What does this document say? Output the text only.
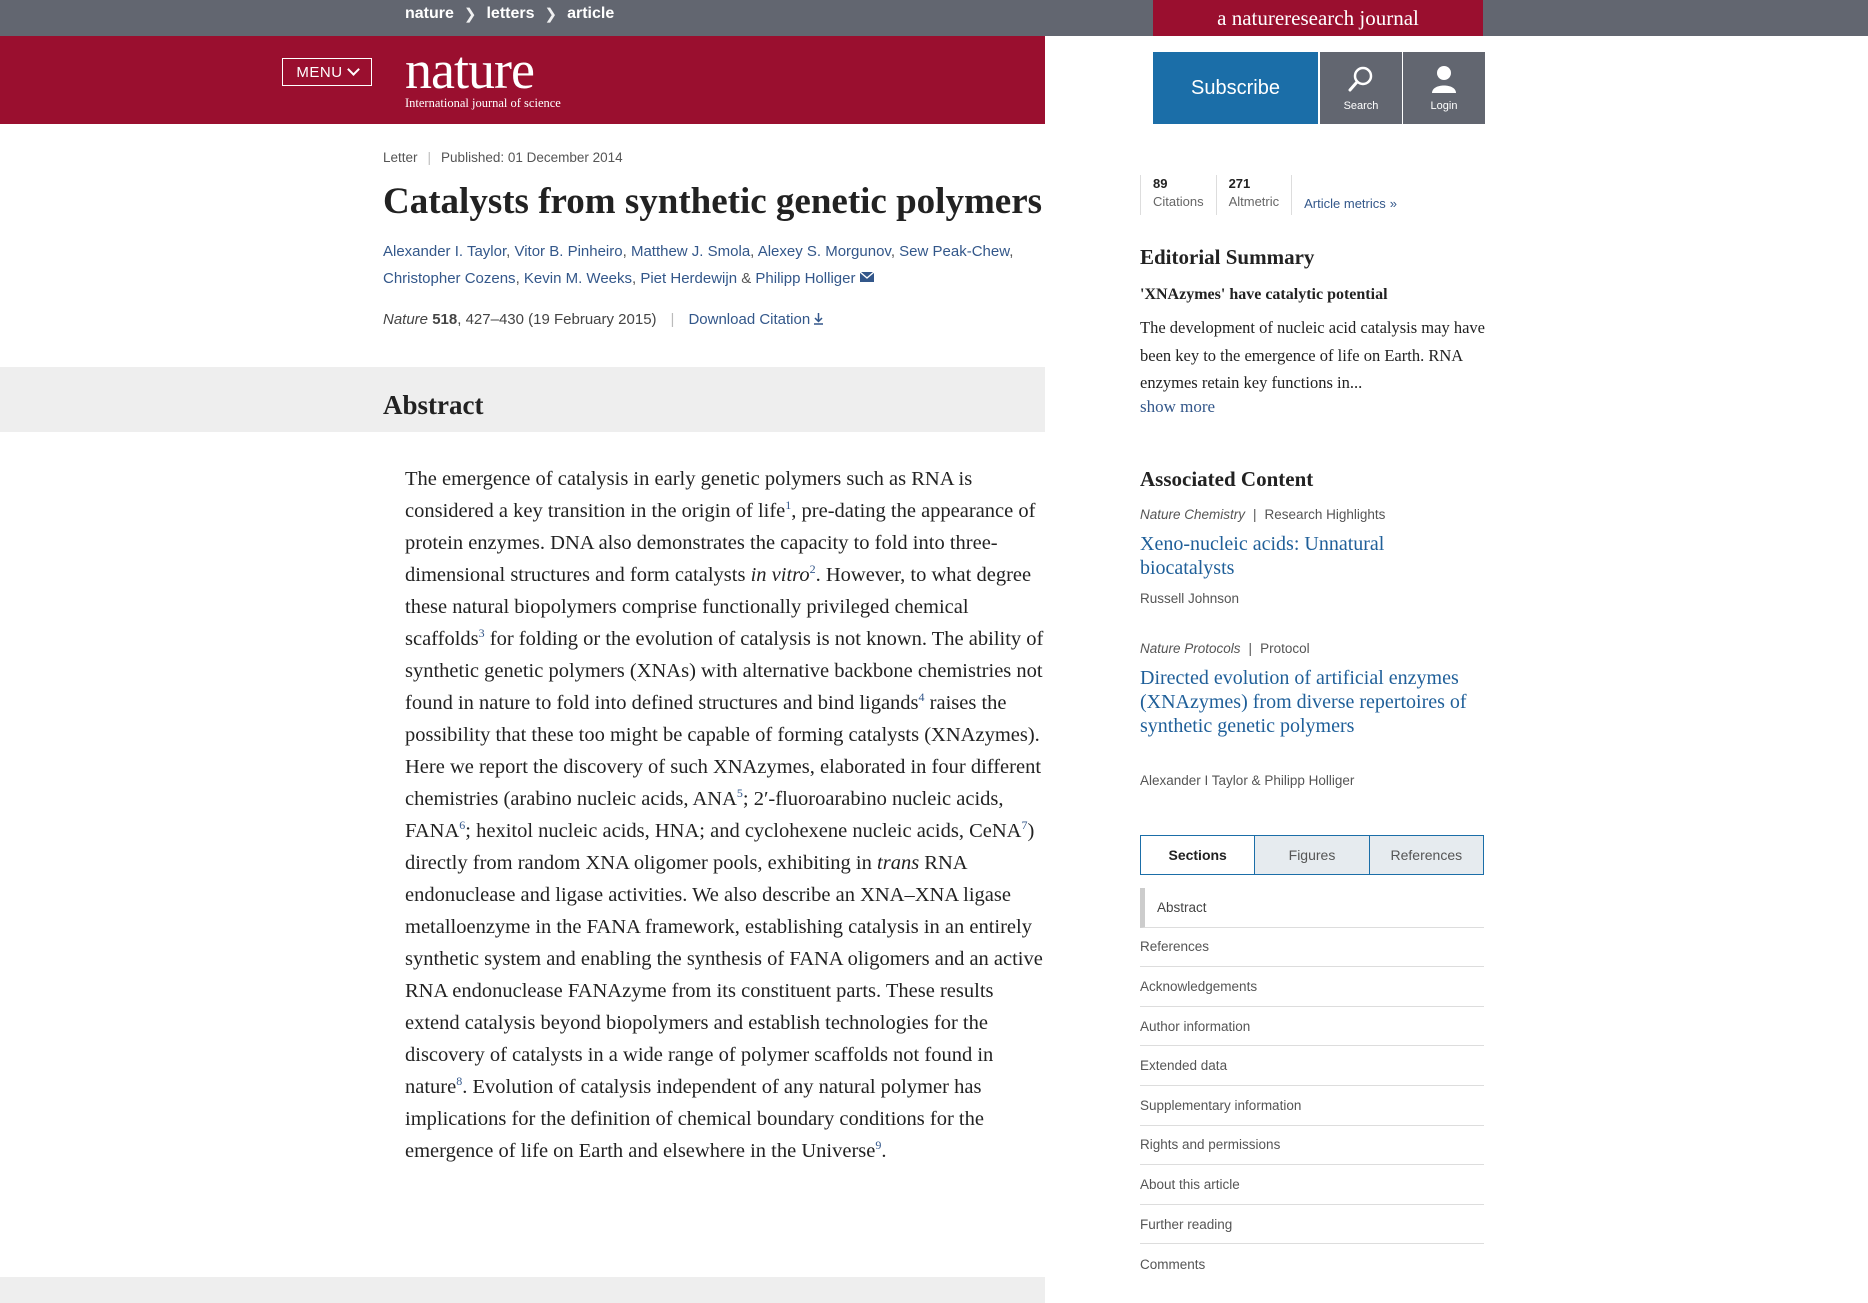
nature ❯ letters ❯ article	a natureresearch journal
MENU nature
International journal of science
Subscribe
Search	Login
Letter | Published: 01 December 2014
Catalysts from synthetic genetic polymers
Alexander I. Taylor, Vitor B. Pinheiro, Matthew J. Smola, Alexey S. Morgunov, Sew Peak-Chew,
Christopher Cozens, Kevin M. Weeks, Piet Herdewijn & Philipp Holliger
Nature 518, 427–430 (19 February 2015) | Download Citation
Abstract

The emergence of catalysis in early genetic polymers such as RNA is considered a key transition in the origin of life$^1$, pre-dating the appearance of protein enzymes. DNA also demonstrates the capacity to fold into three-dimensional structures and form catalysts in vitro$^2$. However, to what degree these natural biopolymers comprise functionally privileged chemical scaffolds$^3$ for folding or the evolution of catalysis is not known. The ability of synthetic genetic polymers (XNAs) with alternative backbone chemistries not found in nature to fold into defined structures and bind ligands$^4$ raises the possibility that these too might be capable of forming catalysts (XNAzymes). Here we report the discovery of such XNAzymes, elaborated in four different chemistries (arabino nucleic acids, ANA$^5$; 2′-fluoroarabino nucleic acids, FANA$^6$; hexitol nucleic acids, HNA; and cyclohexene nucleic acids, CeNA$^7$) directly from random XNA oligomer pools, exhibiting in trans RNA endonuclease and ligase activities. We also describe an XNA–XNA ligase metalloenzyme in the FANA framework, establishing catalysis in an entirely synthetic system and enabling the synthesis of FANA oligomers and an active RNA endonuclease FANAzyme from its constituent parts. These results extend catalysis beyond biopolymers and establish technologies for the discovery of catalysts in a wide range of polymer scaffolds not found in nature$^8$. Evolution of catalysis independent of any natural polymer has implications for the definition of chemical boundary conditions for the emergence of life on Earth and elsewhere in the Universe$^9$.

89
Citations
271
Altmetric Article metrics »
Editorial Summary
'XNAzymes' have catalytic potential
The development of nucleic acid catalysis may have been key to the emergence of life on Earth. RNA enzymes retain key functions in...
show more
Associated Content
Nature Chemistry | Research Highlights
Xeno-nucleic acids: Unnatural biocatalysts
Russell Johnson
Nature Protocols | Protocol
Directed evolution of artificial enzymes (XNAzymes) from diverse repertoires of synthetic genetic polymers
Alexander I Taylor & Philipp Holliger
Sections	Figures	References
Abstract
References
Acknowledgements
Author information
Extended data
Supplementary information
Rights and permissions
About this article
Further reading
Comments
